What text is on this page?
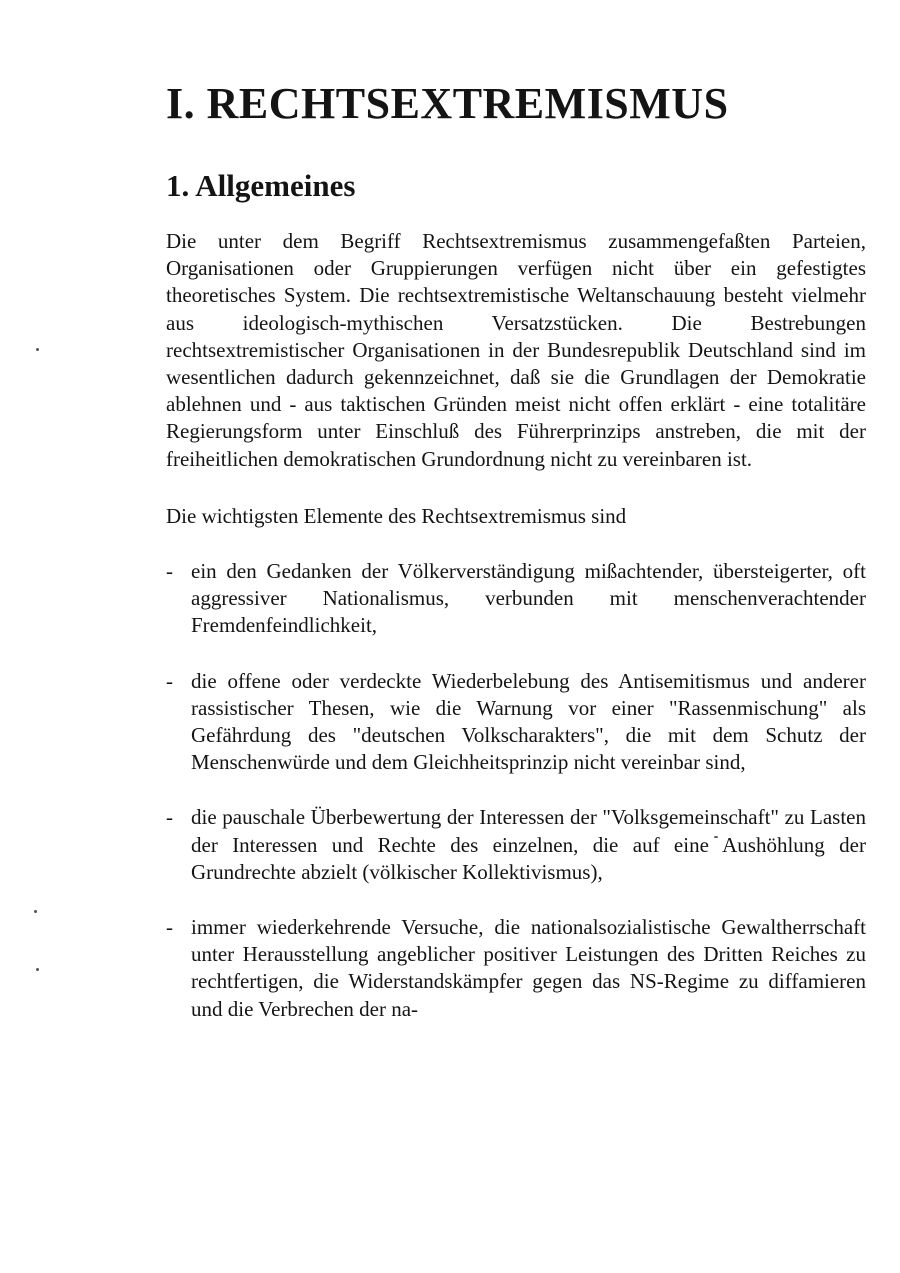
I. RECHTSEXTREMISMUS
1. Allgemeines

Die unter dem Begriff Rechtsextremismus zusammengefaßten Parteien, Organisationen oder Gruppierungen verfügen nicht über ein gefestigtes theoretisches System. Die rechtsextremistische Weltanschauung besteht vielmehr aus ideologisch-mythischen Versatzstücken. Die Bestrebungen rechtsextremistischer Organisationen in der Bundesrepublik Deutschland sind im wesentlichen dadurch gekennzeichnet, daß sie die Grundlagen der Demokratie ablehnen und - aus taktischen Gründen meist nicht offen erklärt - eine totalitäre Regierungsform unter Einschluß des Führerprinzips anstreben, die mit der freiheitlichen demokratischen Grundordnung nicht zu vereinbaren ist.

Die wichtigsten Elemente des Rechtsextremismus sind

- ein den Gedanken der Völkerverständigung mißachtender, übersteigerter, oft aggressiver Nationalismus, verbunden mit menschenverachtender Fremdenfeindlichkeit,

- die offene oder verdeckte Wiederbelebung des Antisemitismus und anderer rassistischer Thesen, wie die Warnung vor einer "Rassenmischung" als Gefährdung des "deutschen Volkscharakters", die mit dem Schutz der Menschenwürde und dem Gleichheitsprinzip nicht vereinbar sind,

- die pauschale Überbewertung der Interessen der "Volksgemeinschaft" zu Lasten der Interessen und Rechte des einzelnen, die auf eine Aushöhlung der Grundrechte abzielt (völkischer Kollektivismus),

- immer wiederkehrende Versuche, die nationalsozialistische Gewaltherrschaft unter Herausstellung angeblicher positiver Leistungen des Dritten Reiches zu rechtfertigen, die Widerstandskämpfer gegen das NS-Regime zu diffamieren und die Verbrechen der na-
